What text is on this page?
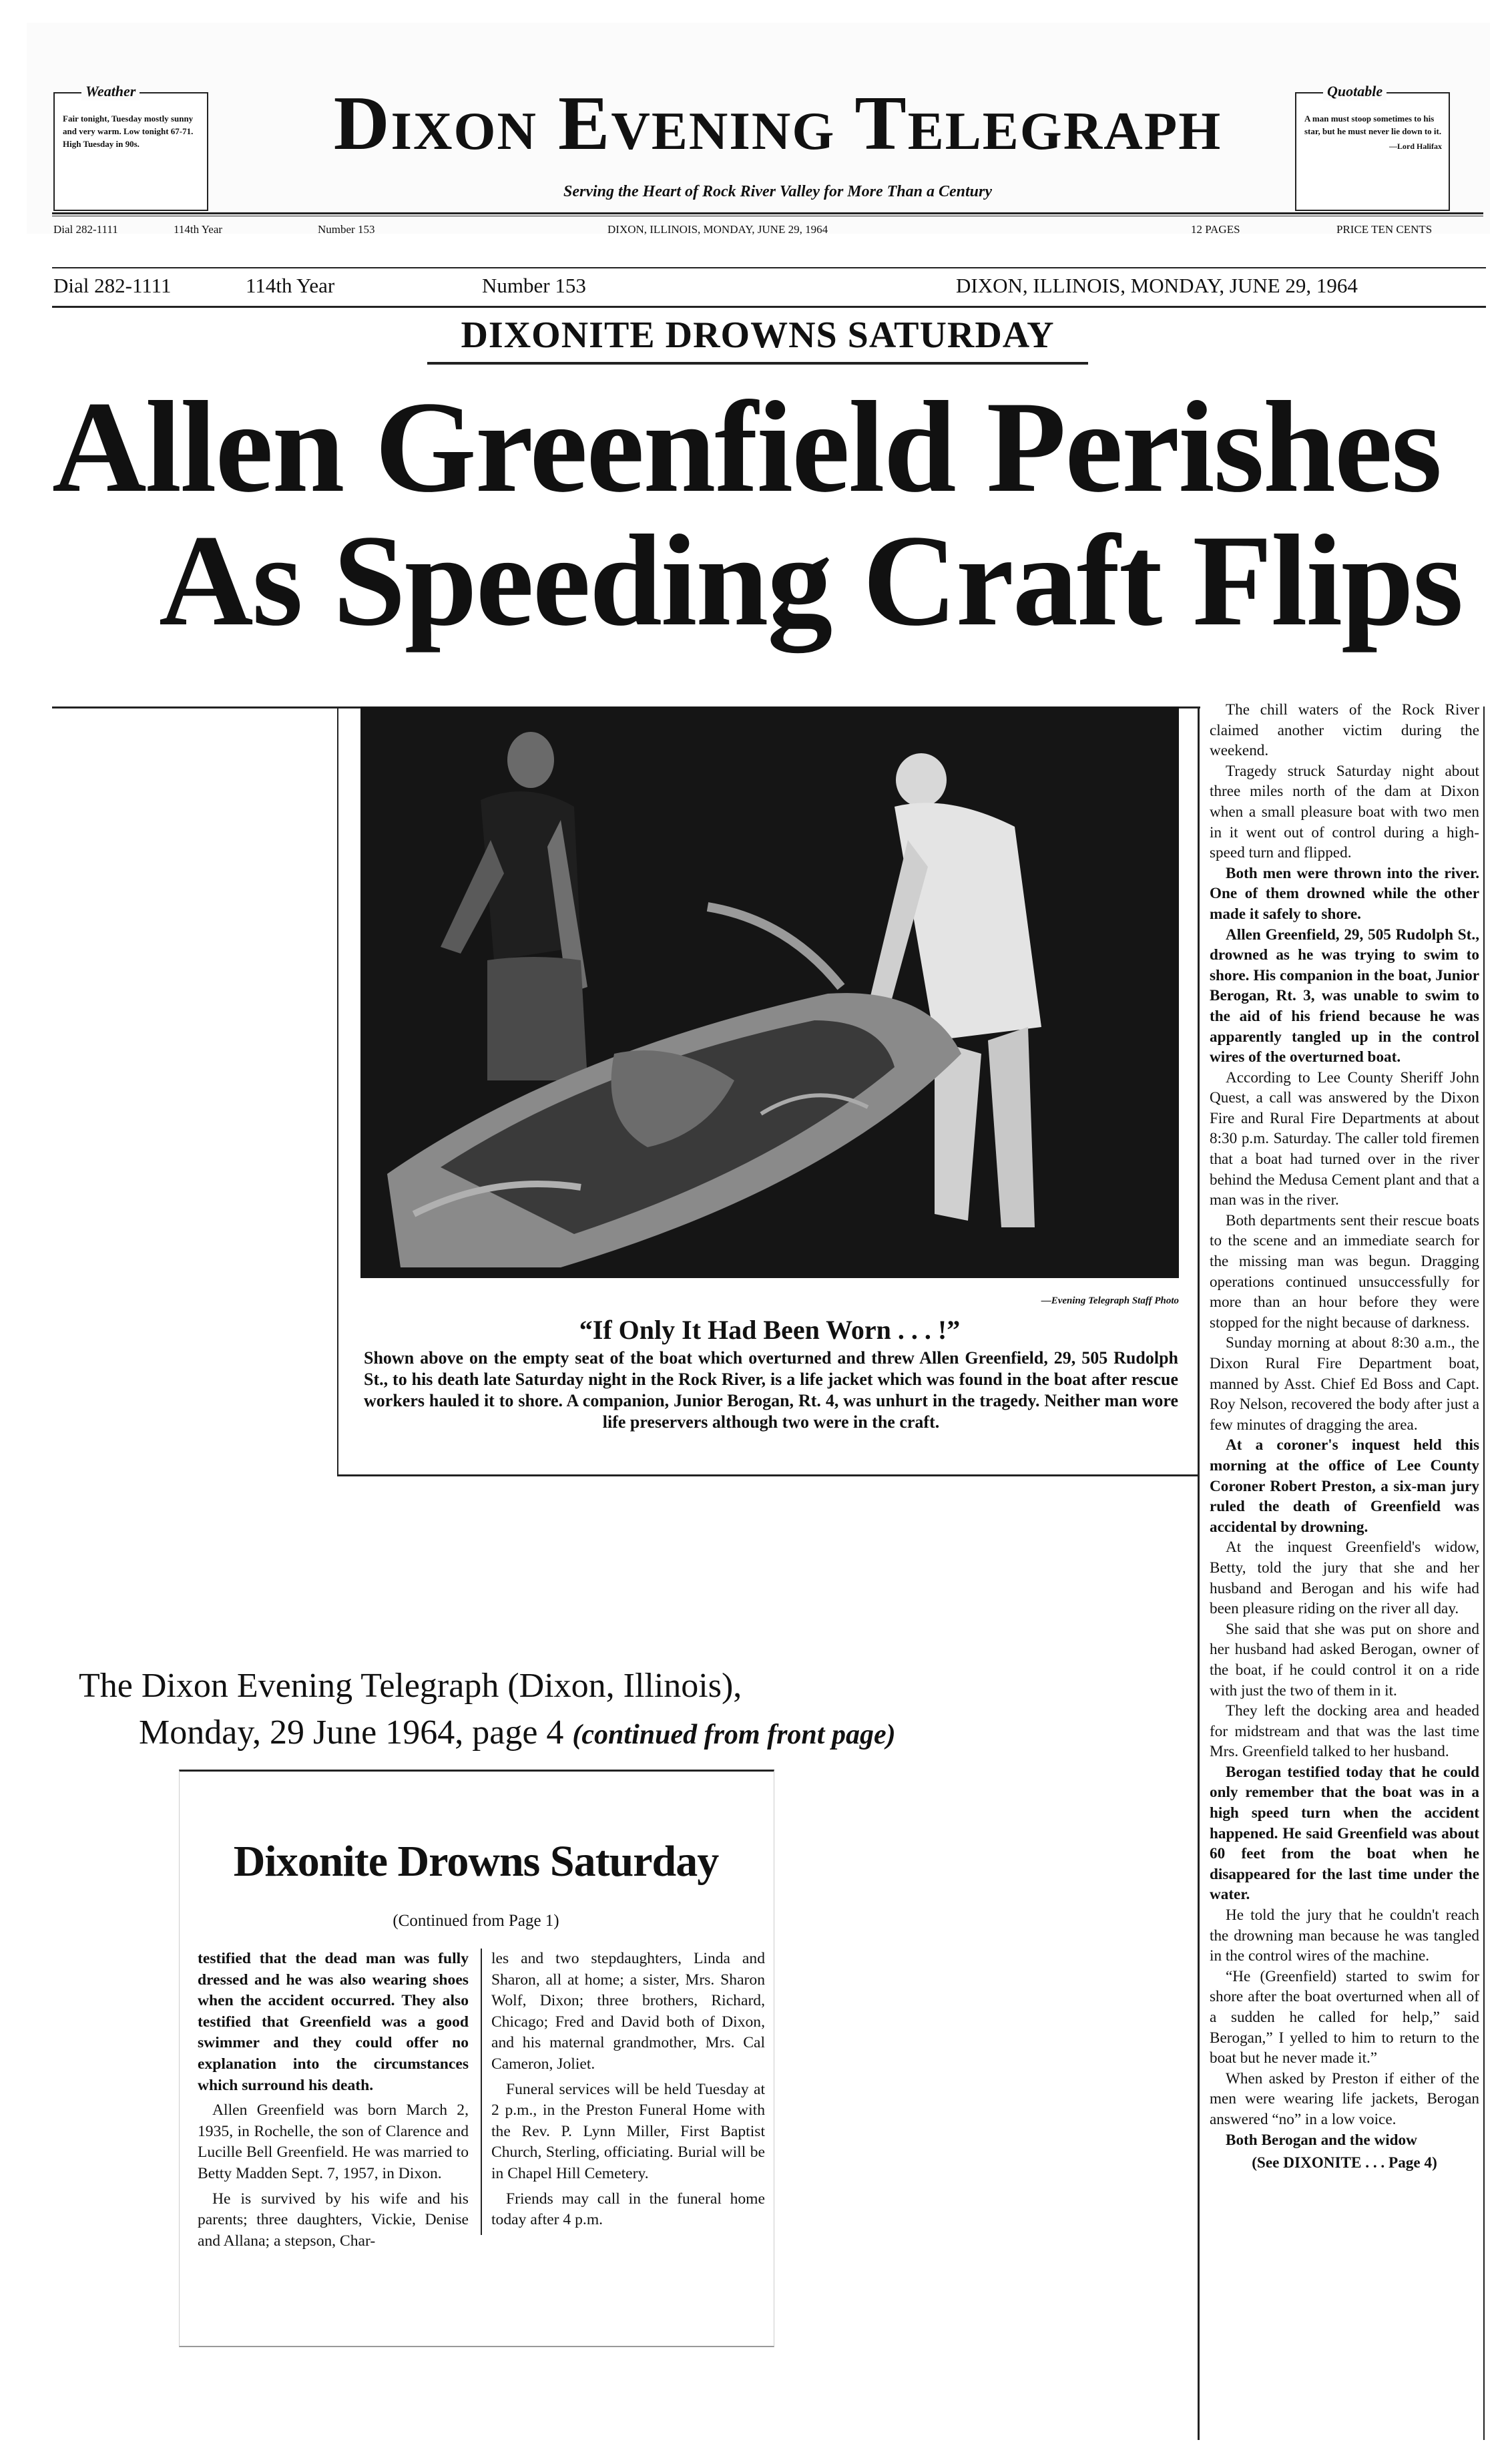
Weather
Fair tonight, Tuesday mostly sunny and very warm. Low tonight 67-71. High Tuesday in 90s.	Dixon Evening Telegraph
Serving the Heart of Rock River Valley for More Than a Century
Quotable
A man must stoop sometimes to his star, but he must never lie down to it.
—Lord Halifax
Dial 282-1111	114th Year	Number 153	DIXON, ILLINOIS, MONDAY, JUNE 29, 1964	12 PAGES	PRICE TEN CENTS
Dial 282-1111	114th Year	Number 153	DIXON, ILLINOIS, MONDAY, JUNE 29, 1964
DIXONITE DROWNS SATURDAY
Allen Greenfield Perishes
As Speeding Craft Flips
—Evening Telegraph Staff Photo
“If Only It Had Been Worn . . . !”
Shown above on the empty seat of the boat which overturned and threw Allen Greenfield, 29, 505 Rudolph St., to his death late Saturday night in the Rock River, is a life jacket which was found in the boat after rescue workers hauled it to shore. A companion, Junior Berogan, Rt. 4, was unhurt in the tragedy. Neither man wore life preservers although two were in the craft.

The chill waters of the Rock River claimed another victim during the weekend.

Tragedy struck Saturday night about three miles north of the dam at Dixon when a small pleasure boat with two men in it went out of control during a high-speed turn and flipped.

Both men were thrown into the river. One of them drowned while the other made it safely to shore.

Allen Greenfield, 29, 505 Rudolph St., drowned as he was trying to swim to shore. His companion in the boat, Junior Berogan, Rt. 3, was unable to swim to the aid of his friend because he was apparently tangled up in the control wires of the overturned boat.

According to Lee County Sheriff John Quest, a call was answered by the Dixon Fire and Rural Fire Departments at about 8:30 p.m. Saturday. The caller told firemen that a boat had turned over in the river behind the Medusa Cement plant and that a man was in the river.

Both departments sent their rescue boats to the scene and an immediate search for the missing man was begun. Dragging operations continued unsuccessfully for more than an hour before they were stopped for the night because of darkness.

Sunday morning at about 8:30 a.m., the Dixon Rural Fire Department boat, manned by Asst. Chief Ed Boss and Capt. Roy Nelson, recovered the body after just a few minutes of dragging the area.

At a coroner's inquest held this morning at the office of Lee County Coroner Robert Preston, a six-man jury ruled the death of Greenfield was accidental by drowning.

At the inquest Greenfield's widow, Betty, told the jury that she and her husband and Berogan and his wife had been pleasure riding on the river all day.

She said that she was put on shore and her husband had asked Berogan, owner of the boat, if he could control it on a ride with just the two of them in it.

They left the docking area and headed for midstream and that was the last time Mrs. Greenfield talked to her husband.

Berogan testified today that he could only remember that the boat was in a high speed turn when the accident happened. He said Greenfield was about 60 feet from the boat when he disappeared for the last time under the water.

He told the jury that he couldn't reach the drowning man because he was tangled in the control wires of the machine.

“He (Greenfield) started to swim for shore after the boat overturned when all of a sudden he called for help,” said Berogan,” I yelled to him to return to the boat but he never made it.”

When asked by Preston if either of the men were wearing life jackets, Berogan answered “no” in a low voice.

Both Berogan and the widow

(See DIXONITE . . . Page 4)

The Dixon Evening Telegraph (Dixon, Illinois),
Monday, 29 June 1964, page 4 (continued from front page)
Dixonite Drowns Saturday
(Continued from Page 1)

testified that the dead man was fully dressed and he was also wearing shoes when the accident occurred. They also testified that Greenfield was a good swimmer and they could offer no explanation into the circumstances which surround his death.

Allen Greenfield was born March 2, 1935, in Rochelle, the son of Clarence and Lucille Bell Greenfield. He was married to Betty Madden Sept. 7, 1957, in Dixon.

He is survived by his wife and his parents; three daughters, Vickie, Denise and Allana; a stepson, Char-

les and two stepdaughters, Linda and Sharon, all at home; a sister, Mrs. Sharon Wolf, Dixon; three brothers, Richard, Chicago; Fred and David both of Dixon, and his maternal grandmother, Mrs. Cal Cameron, Joliet.

Funeral services will be held Tuesday at 2 p.m., in the Preston Funeral Home with the Rev. P. Lynn Miller, First Baptist Church, Sterling, officiating. Burial will be in Chapel Hill Cemetery.

Friends may call in the funeral home today after 4 p.m.
